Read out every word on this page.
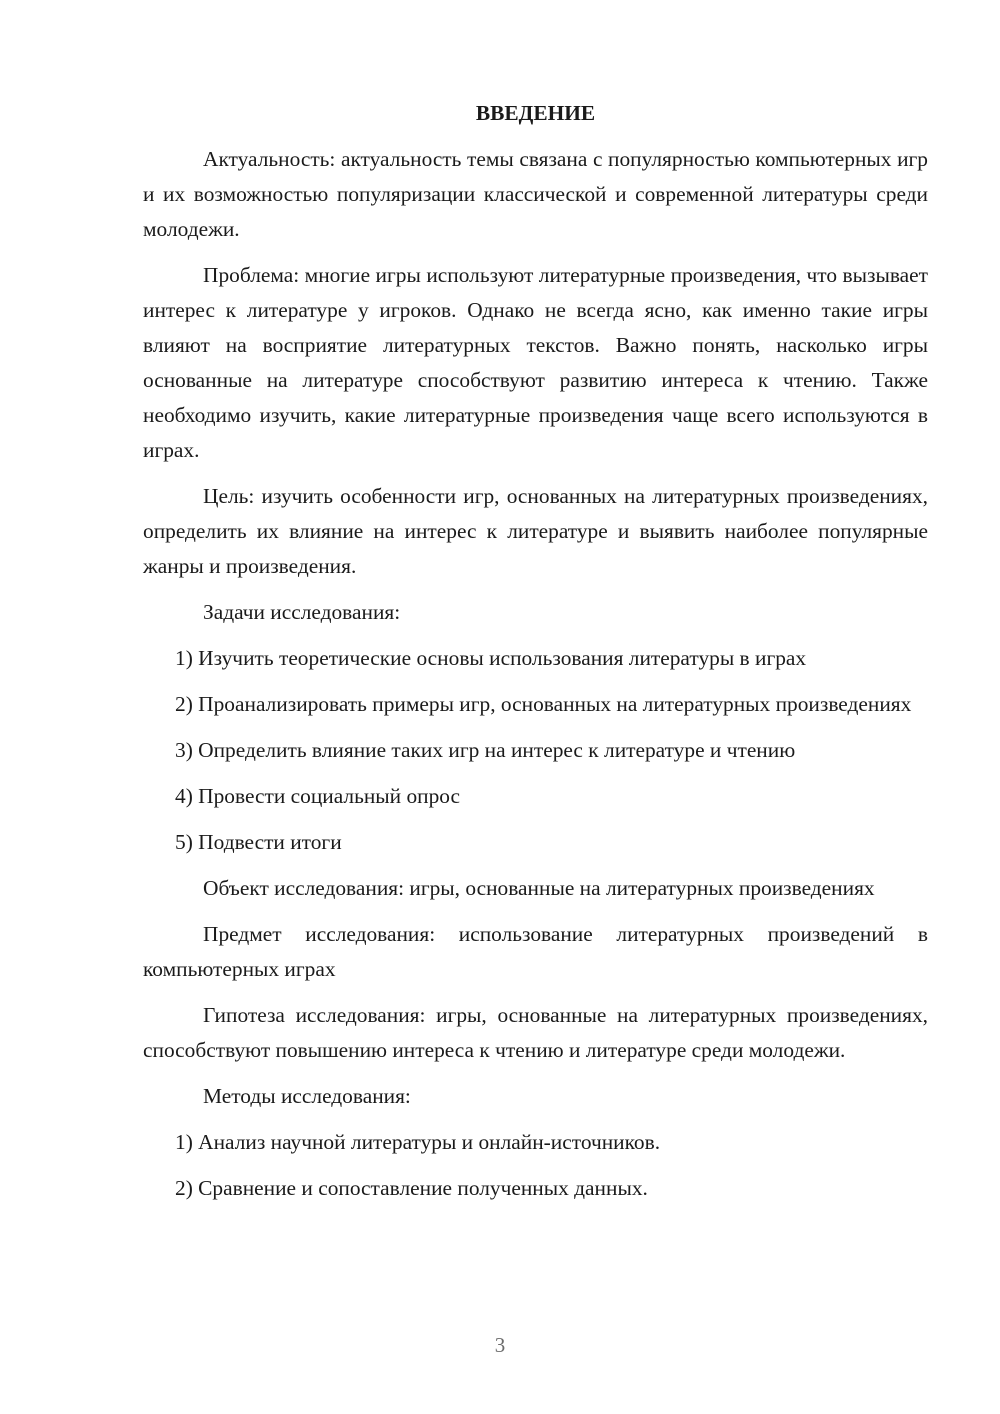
ВВЕДЕНИЕ

Актуальность: актуальность темы связана с популярностью компьютерных игр и их возможностью популяризации классической и современной литературы среди молодежи.

Проблема: многие игры используют литературные произведения, что вызывает интерес к литературе у игроков. Однако не всегда ясно, как именно такие игры влияют на восприятие литературных текстов. Важно понять, насколько игры основанные на литературе способствуют развитию интереса к чтению. Также необходимо изучить, какие литературные произведения чаще всего используются в играх.

Цель: изучить особенности игр, основанных на литературных произведениях, определить их влияние на интерес к литературе и выявить наиболее популярные жанры и произведения.

Задачи исследования:

1) Изучить теоретические основы использования литературы в играх

2) Проанализировать примеры игр, основанных на литературных произведениях

3) Определить влияние таких игр на интерес к литературе и чтению

4) Провести социальный опрос

5) Подвести итоги

Объект исследования: игры, основанные на литературных произведениях

Предмет исследования: использование литературных произведений в компьютерных играх

Гипотеза исследования: игры, основанные на литературных произведениях, способствуют повышению интереса к чтению и литературе среди молодежи.

Методы исследования:

1) Анализ научной литературы и онлайн-источников.

2) Сравнение и сопоставление полученных данных.

3
